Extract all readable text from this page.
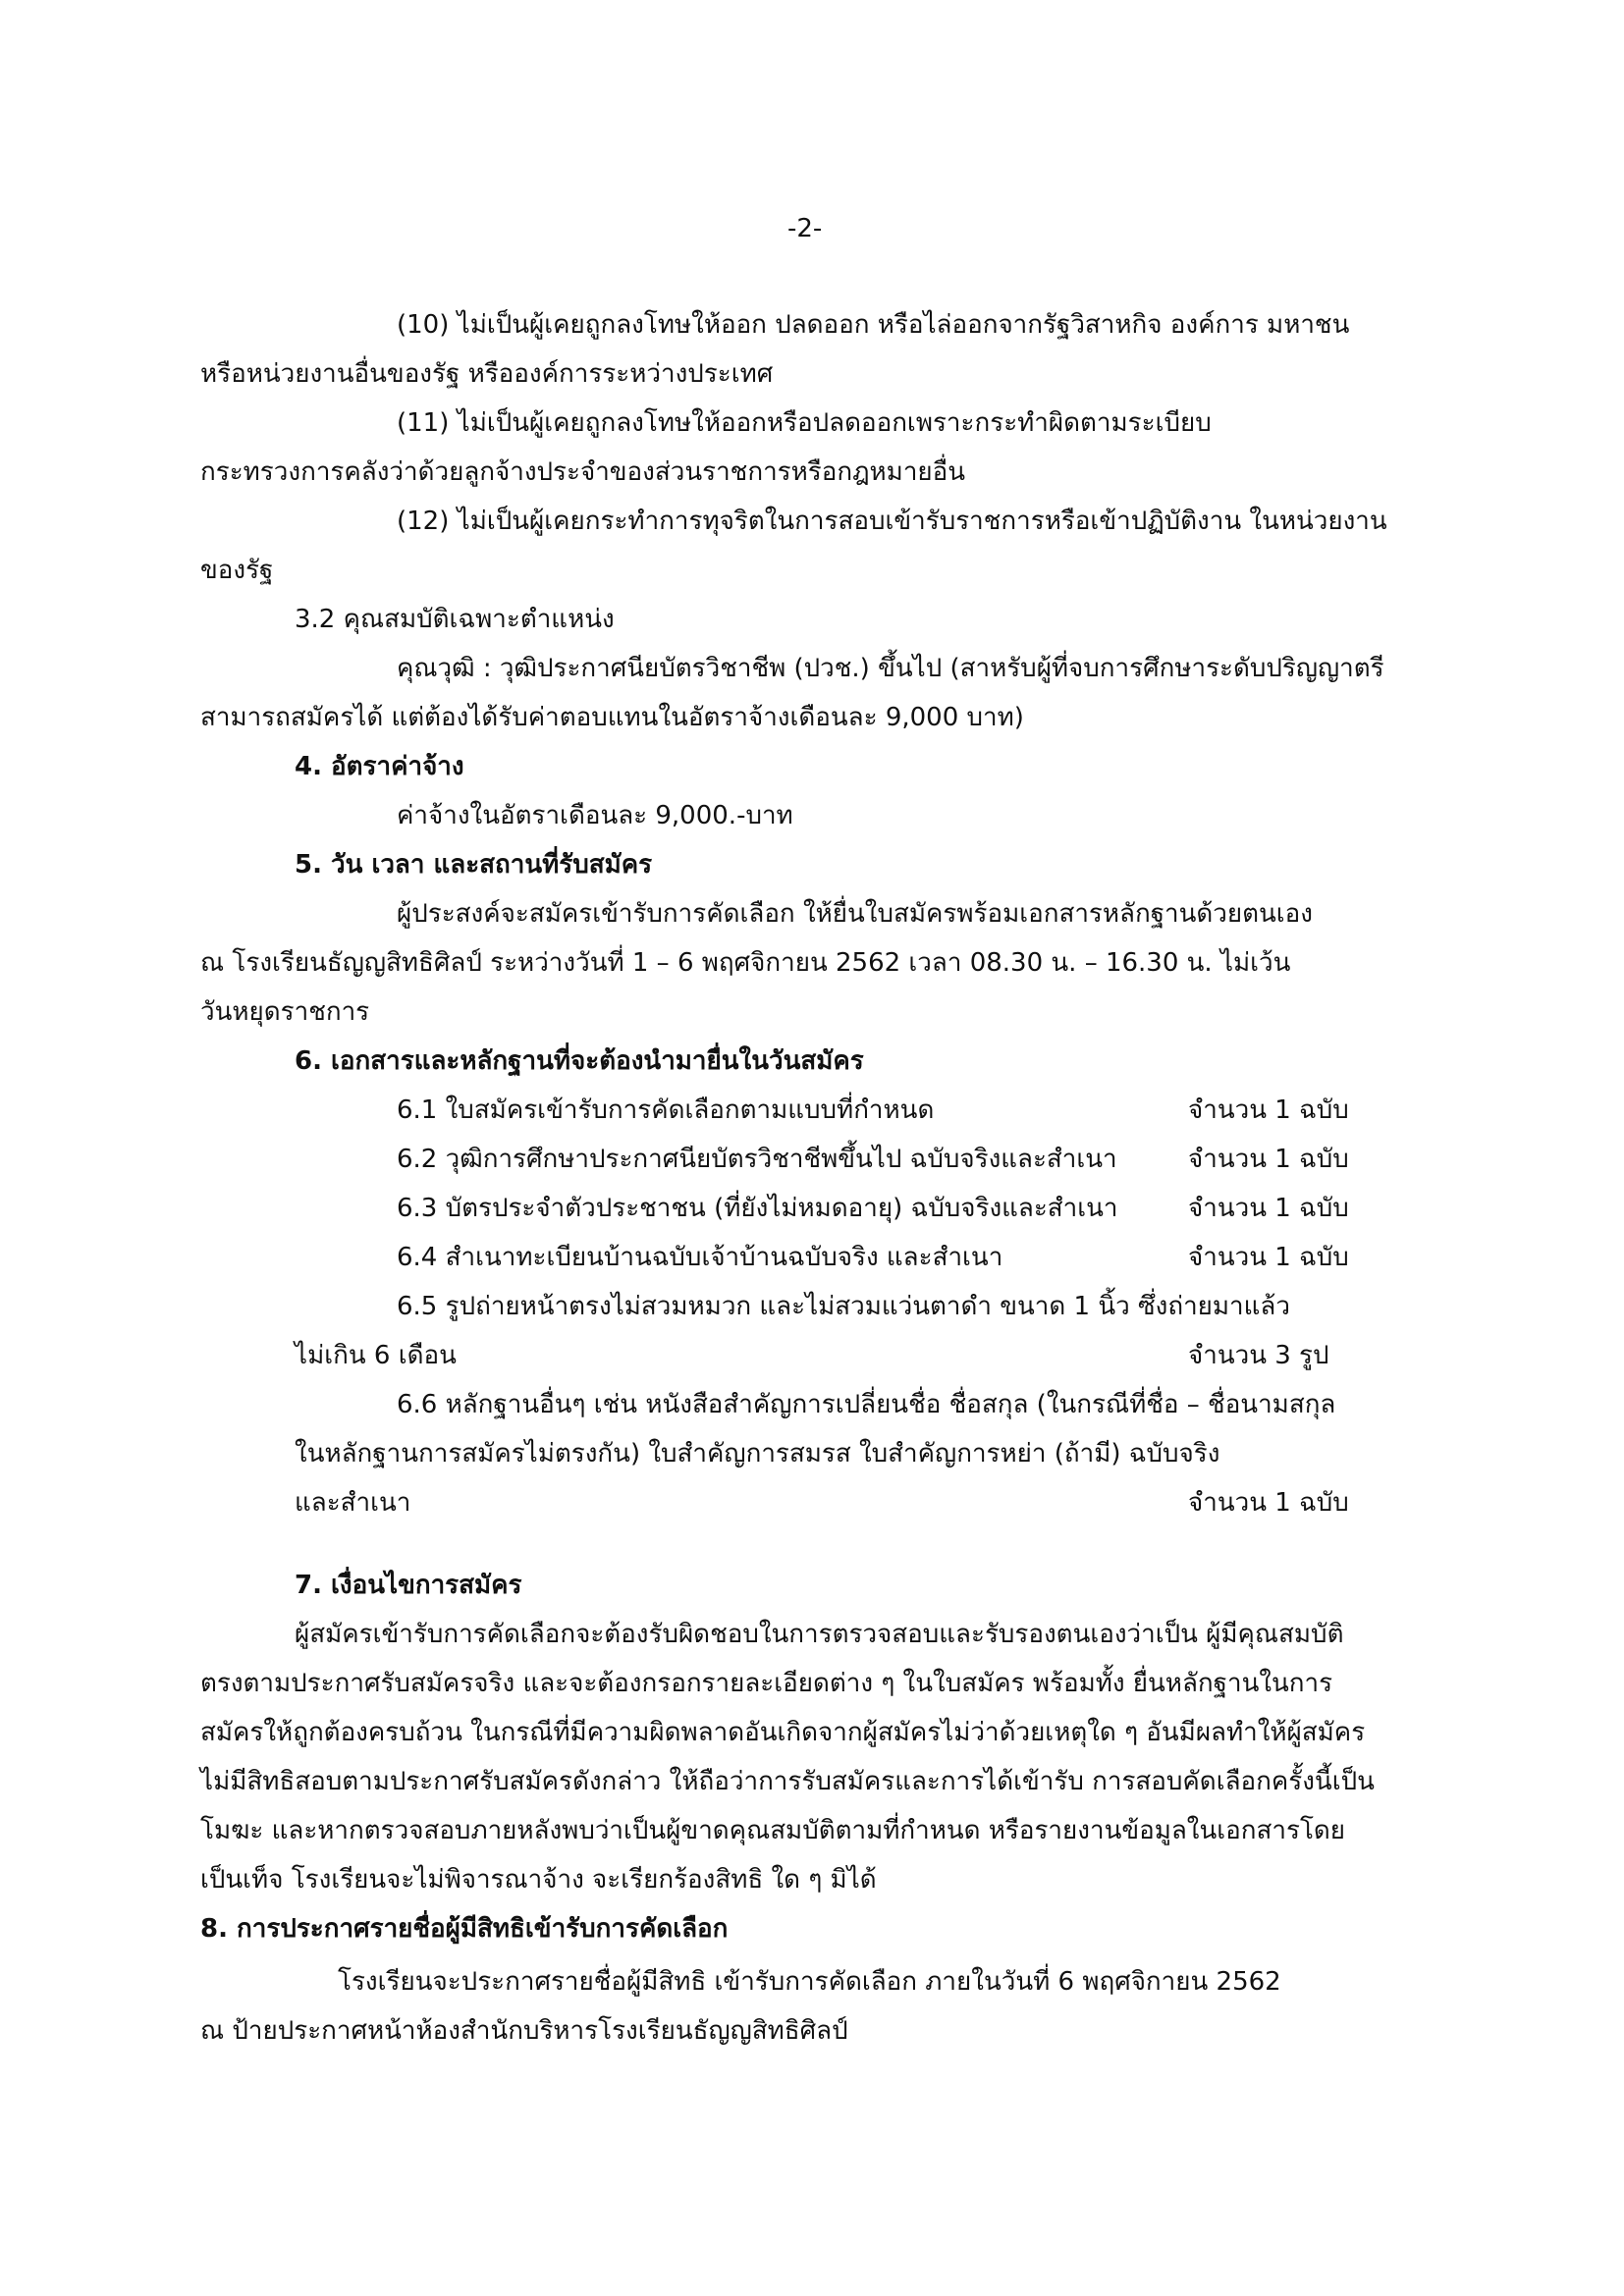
-2-
(10) ไม่เป็นผู้เคยถูกลงโทษให้ออก ปลดออก หรือไล่ออกจากรัฐวิสาหกิจ องค์การ มหาชน
หรือหน่วยงานอื่นของรัฐ หรือองค์การระหว่างประเทศ
(11) ไม่เป็นผู้เคยถูกลงโทษให้ออกหรือปลดออกเพราะกระทำผิดตามระเบียบ
กระทรวงการคลังว่าด้วยลูกจ้างประจำของส่วนราชการหรือกฎหมายอื่น
(12) ไม่เป็นผู้เคยกระทำการทุจริตในการสอบเข้ารับราชการหรือเข้าปฏิบัติงาน ในหน่วยงาน
ของรัฐ
3.2 คุณสมบัติเฉพาะตำแหน่ง
คุณวุฒิ : วุฒิประกาศนียบัตรวิชาชีพ (ปวช.) ขึ้นไป (สาหรับผู้ที่จบการศึกษาระดับปริญญาตรี
สามารถสมัครได้ แต่ต้องได้รับค่าตอบแทนในอัตราจ้างเดือนละ 9,000 บาท)
4. อัตราค่าจ้าง
ค่าจ้างในอัตราเดือนละ 9,000.-บาท
5. วัน เวลา และสถานที่รับสมัคร
ผู้ประสงค์จะสมัครเข้ารับการคัดเลือก ให้ยื่นใบสมัครพร้อมเอกสารหลักฐานด้วยตนเอง
ณ โรงเรียนธัญญสิทธิศิลป์ ระหว่างวันที่ 1 – 6 พฤศจิกายน 2562 เวลา 08.30 น. – 16.30 น. ไม่เว้น
วันหยุดราชการ
6. เอกสารและหลักฐานที่จะต้องนำมายื่นในวันสมัคร
6.1 ใบสมัครเข้ารับการคัดเลือกตามแบบที่กำหนด	จำนวน 1 ฉบับ
6.2 วุฒิการศึกษาประกาศนียบัตรวิชาชีพขึ้นไป ฉบับจริงและสำเนา	จำนวน 1 ฉบับ
6.3 บัตรประจำตัวประชาชน (ที่ยังไม่หมดอายุ) ฉบับจริงและสำเนา	จำนวน 1 ฉบับ
6.4 สำเนาทะเบียนบ้านฉบับเจ้าบ้านฉบับจริง และสำเนา	จำนวน 1 ฉบับ
6.5 รูปถ่ายหน้าตรงไม่สวมหมวก และไม่สวมแว่นตาดำ ขนาด 1 นิ้ว ซึ่งถ่ายมาแล้ว
ไม่เกิน 6 เดือน	จำนวน 3 รูป
6.6 หลักฐานอื่นๆ เช่น หนังสือสำคัญการเปลี่ยนชื่อ ชื่อสกุล (ในกรณีที่ชื่อ – ชื่อนามสกุล
ในหลักฐานการสมัครไม่ตรงกัน) ใบสำคัญการสมรส ใบสำคัญการหย่า (ถ้ามี) ฉบับจริง
และสำเนา	จำนวน 1 ฉบับ
7. เงื่อนไขการสมัคร
ผู้สมัครเข้ารับการคัดเลือกจะต้องรับผิดชอบในการตรวจสอบและรับรองตนเองว่าเป็น ผู้มีคุณสมบัติ
ตรงตามประกาศรับสมัครจริง และจะต้องกรอกรายละเอียดต่าง ๆ ในใบสมัคร พร้อมทั้ง ยื่นหลักฐานในการ
สมัครให้ถูกต้องครบถ้วน ในกรณีที่มีความผิดพลาดอันเกิดจากผู้สมัครไม่ว่าด้วยเหตุใด ๆ อันมีผลทำให้ผู้สมัคร
ไม่มีสิทธิสอบตามประกาศรับสมัครดังกล่าว ให้ถือว่าการรับสมัครและการได้เข้ารับ การสอบคัดเลือกครั้งนี้เป็น
โมฆะ และหากตรวจสอบภายหลังพบว่าเป็นผู้ขาดคุณสมบัติตามที่กำหนด หรือรายงานข้อมูลในเอกสารโดย
เป็นเท็จ โรงเรียนจะไม่พิจารณาจ้าง จะเรียกร้องสิทธิ ใด ๆ มิได้
8. การประกาศรายชื่อผู้มีสิทธิเข้ารับการคัดเลือก
โรงเรียนจะประกาศรายชื่อผู้มีสิทธิ เข้ารับการคัดเลือก ภายในวันที่ 6 พฤศจิกายน 2562
ณ ป้ายประกาศหน้าห้องสำนักบริหารโรงเรียนธัญญสิทธิศิลป์
